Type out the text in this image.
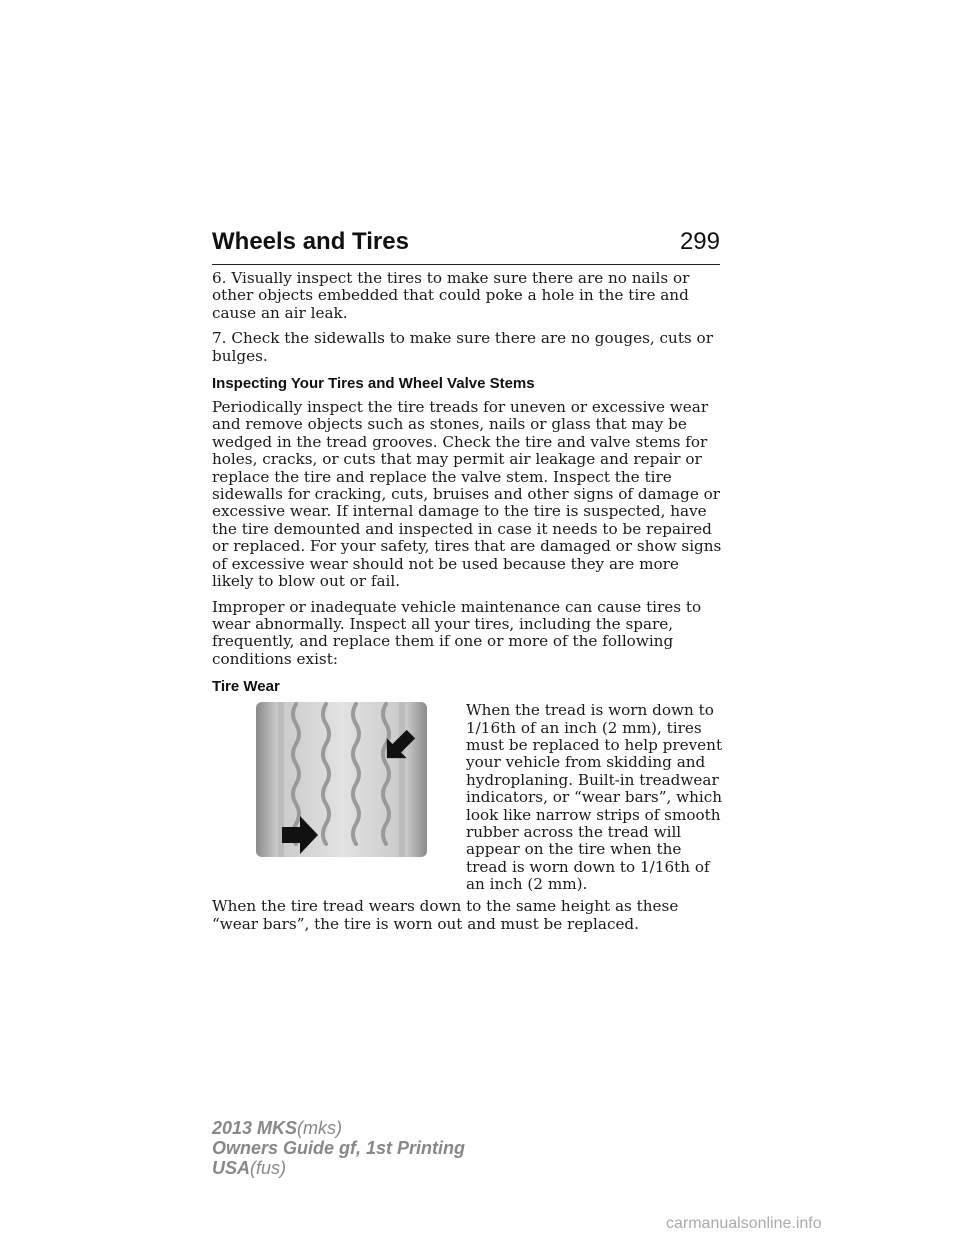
Wheels and Tires	299

6. Visually inspect the tires to make sure there are no nails or other objects embedded that could poke a hole in the tire and cause an air leak.

7. Check the sidewalls to make sure there are no gouges, cuts or bulges.

Inspecting Your Tires and Wheel Valve Stems

Periodically inspect the tire treads for uneven or excessive wear and remove objects such as stones, nails or glass that may be wedged in the tread grooves. Check the tire and valve stems for holes, cracks, or cuts that may permit air leakage and repair or replace the tire and replace the valve stem. Inspect the tire sidewalls for cracking, cuts, bruises and other signs of damage or excessive wear. If internal damage to the tire is suspected, have the tire demounted and inspected in case it needs to be repaired or replaced. For your safety, tires that are damaged or show signs of excessive wear should not be used because they are more likely to blow out or fail.

Improper or inadequate vehicle maintenance can cause tires to wear abnormally. Inspect all your tires, including the spare, frequently, and replace them if one or more of the following conditions exist:

Tire Wear

When the tread is worn down to 1/16th of an inch (2 mm), tires must be replaced to help prevent your vehicle from skidding and hydroplaning. Built-in treadwear indicators, or “wear bars”, which look like narrow strips of smooth rubber across the tread will appear on the tire when the tread is worn down to 1/16th of an inch (2 mm).

When the tire tread wears down to the same height as these “wear bars”, the tire is worn out and must be replaced.

2013 MKS(mks)
Owners Guide gf, 1st Printing
USA(fus)
carmanualsonline.info
